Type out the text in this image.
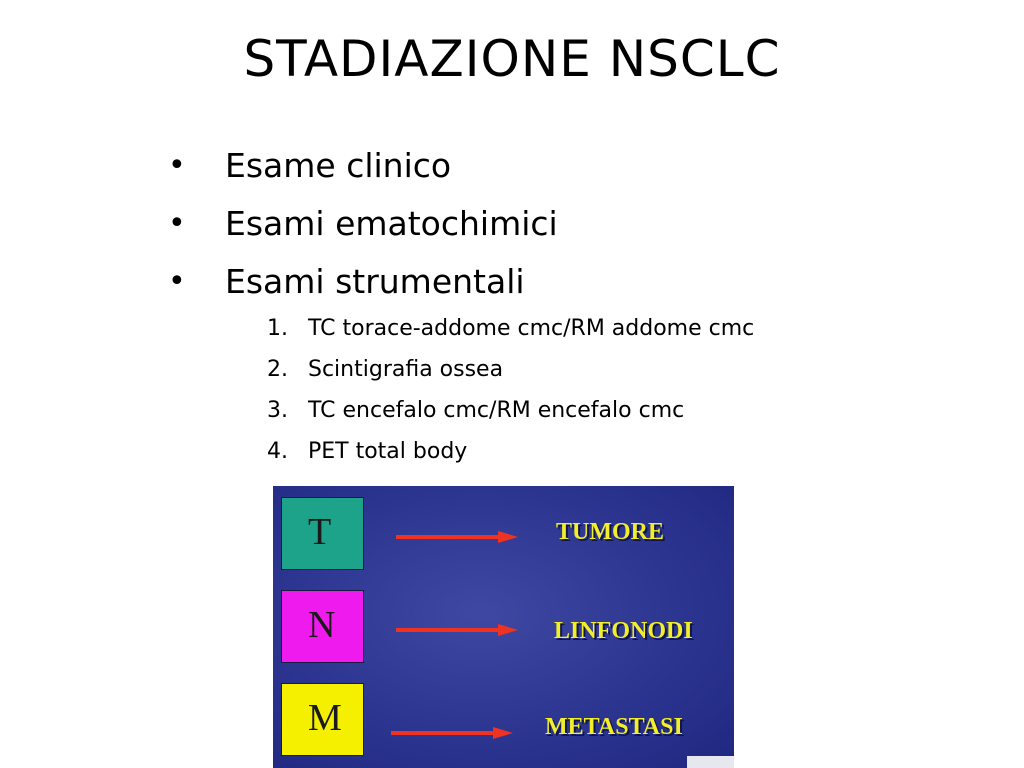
STADIAZIONE NSCLC
• Esame clinico
• Esami ematochimici
• Esami strumentali
1. TC torace-addome cmc/RM addome cmc
2. Scintigrafia ossea
3. TC encefalo cmc/RM encefalo cmc
4. PET total body
T	TUMORE
N	LINFONODI
M	METASTASI
